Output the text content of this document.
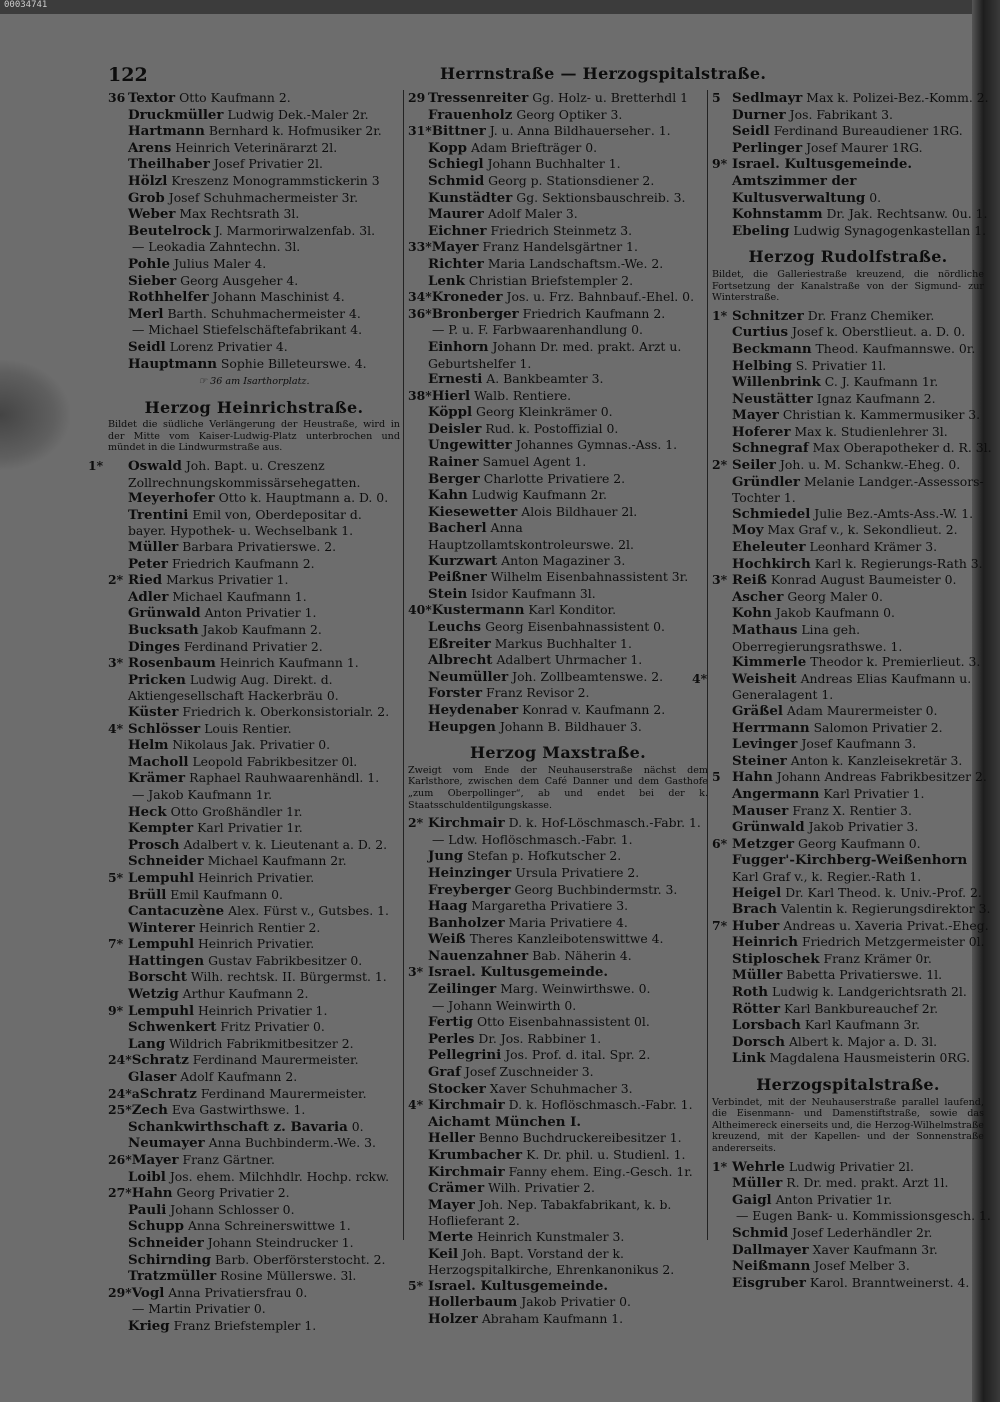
00034741
122	Herrnstraße — Herzogspitalstraße.
36 Textor Otto Kaufmann 2.
Druckmüller Ludwig Dek.-Maler 2r.
Hartmann Bernhard k. Hofmusiker 2r.
Arens Heinrich Veterinärarzt 2l.
Theilhaber Josef Privatier 2l.
Hölzl Kreszenz Monogrammstickerin 3
Grob Josef Schuhmachermeister 3r.
Weber Max Rechtsrath 3l.
Beutelrock J. Marmorirwalzenfab. 3l.
— Leokadia Zahntechn. 3l.
Pohle Julius Maler 4.
Sieber Georg Ausgeher 4.
Rothhelfer Johann Maschinist 4.
Merl Barth. Schuhmachermeister 4.
— Michael Stiefelschäftefabrikant 4.
Seidl Lorenz Privatier 4.
Hauptmann Sophie Billeteurswe. 4.
☞ 36 am Isarthorplatz.
Herzog Heinrichstraße.
Bildet die südliche Verlängerung der Heustraße, wird in der Mitte vom Kaiser-Ludwig-Platz unterbrochen und mündet in die Lindwurmstraße aus.
1* Oswald Joh. Bapt. u. Creszenz Zollrechnungskommissärsehegatten.
Meyerhofer Otto k. Hauptmann a. D. 0.
Trentini Emil von, Oberdepositar d. bayer. Hypothek- u. Wechselbank 1.
Müller Barbara Privatierswe. 2.
Peter Friedrich Kaufmann 2.
2* Ried Markus Privatier 1.
Adler Michael Kaufmann 1.
Grünwald Anton Privatier 1.
Bucksath Jakob Kaufmann 2.
Dinges Ferdinand Privatier 2.
3* Rosenbaum Heinrich Kaufmann 1.
Pricken Ludwig Aug. Direkt. d. Aktiengesellschaft Hackerbräu 0.
Küster Friedrich k. Oberkonsistorialr. 2.
4* Schlösser Louis Rentier.
Helm Nikolaus Jak. Privatier 0.
Macholl Leopold Fabrikbesitzer 0l.
Krämer Raphael Rauhwaarenhändl. 1.
— Jakob Kaufmann 1r.
Heck Otto Großhändler 1r.
Kempter Karl Privatier 1r.
Prosch Adalbert v. k. Lieutenant a. D. 2.
Schneider Michael Kaufmann 2r.
5* Lempuhl Heinrich Privatier.
Brüll Emil Kaufmann 0.
Cantacuzène Alex. Fürst v., Gutsbes. 1.
Winterer Heinrich Rentier 2.
7* Lempuhl Heinrich Privatier.
Hattingen Gustav Fabrikbesitzer 0.
Borscht Wilh. rechtsk. II. Bürgermst. 1.
Wetzig Arthur Kaufmann 2.
9* Lempuhl Heinrich Privatier 1.
Schwenkert Fritz Privatier 0.
Lang Wildrich Fabrikmitbesitzer 2.
24*Schratz Ferdinand Maurermeister.
Glaser Adolf Kaufmann 2.
24*aSchratz Ferdinand Maurermeister.
25*Zech Eva Gastwirthswe. 1.
Schankwirthschaft z. Bavaria 0.
Neumayer Anna Buchbinderm.-We. 3.
26*Mayer Franz Gärtner.
Loibl Jos. ehem. Milchhdlr. Hochp. rckw.
27*Hahn Georg Privatier 2.
Pauli Johann Schlosser 0.
Schupp Anna Schreinerswittwe 1.
Schneider Johann Steindrucker 1.
Schirnding Barb. Oberförsterstocht. 2.
Tratzmüller Rosine Müllerswe. 3l.
29*Vogl Anna Privatiersfrau 0.
— Martin Privatier 0.
Krieg Franz Briefstempler 1.
29 Tressenreiter Gg. Holz- u. Bretterhdl 1
Frauenholz Georg Optiker 3.
31*Bittner J. u. Anna Bildhauersehег. 1.
Kopp Adam Briefträger 0.
Schiegl Johann Buchhalter 1.
Schmid Georg p. Stationsdiener 2.
Kunstädter Gg. Sektionsbauschreib. 3.
Maurer Adolf Maler 3.
Eichner Friedrich Steinmetz 3.
33*Mayer Franz Handelsgärtner 1.
Richter Maria Landschaftsm.-We. 2.
Lenk Christian Briefstempler 2.
34*Kroneder Jos. u. Frz. Bahnbauf.-Ehel. 0.
36*Bronberger Friedrich Kaufmann 2.
— P. u. F. Farbwaarenhandlung 0.
Einhorn Johann Dr. med. prakt. Arzt u. Geburtshelfer 1.
Ernesti A. Bankbeamter 3.
38*Hierl Walb. Rentiere.
Köppl Georg Kleinkrämer 0.
Deisler Rud. k. Postoffizial 0.
Ungewitter Johannes Gymnas.-Ass. 1.
Rainer Samuel Agent 1.
Berger Charlotte Privatiere 2.
Kahn Ludwig Kaufmann 2r.
Kiesewetter Alois Bildhauer 2l.
Bacherl Anna Hauptzollamtskontroleurswe. 2l.
Kurzwart Anton Magaziner 3.
Peißner Wilhelm Eisenbahnassistent 3r.
Stein Isidor Kaufmann 3l.
40*Kustermann Karl Konditor.
Leuchs Georg Eisenbahnassistent 0.
Eßreiter Markus Buchhalter 1.
Albrecht Adalbert Uhrmacher 1.
Neumüller Joh. Zollbeamtenswe. 2.
Forster Franz Revisor 2.
Heydenaber Konrad v. Kaufmann 2.
Heupgen Johann B. Bildhauer 3.
Herzog Maxstraße.
Zweigt vom Ende der Neuhauserstraße nächst dem Karlsthore, zwischen dem Café Danner und dem Gasthofe „zum Oberpollinger“, ab und endet bei der k. Staatsschuldentilgungskasse.
2* Kirchmair D. k. Hof-Löschmasch.-Fabr. 1.
— Ldw. Hoflöschmasch.-Fabr. 1.
Jung Stefan p. Hofkutscher 2.
Heinzinger Ursula Privatiere 2.
Freyberger Georg Buchbindermstr. 3.
Haag Margaretha Privatiere 3.
Banholzer Maria Privatiere 4.
Weiß Theres Kanzleibotenswittwe 4.
Nauenzahner Bab. Näherin 4.
3* Israel. Kultusgemeinde.
Zeilinger Marg. Weinwirthswe. 0.
— Johann Weinwirth 0.
Fertig Otto Eisenbahnassistent 0l.
Perles Dr. Jos. Rabbiner 1.
Pellegrini Jos. Prof. d. ital. Spr. 2.
Graf Josef Zuschneider 3.
Stocker Xaver Schuhmacher 3.
4* Kirchmair D. k. Hoflöschmasch.-Fabr. 1.
Aichamt München I.
Heller Benno Buchdruckereibesitzer 1.
Krumbacher K. Dr. phil. u. Studienl. 1.
Kirchmair Fanny ehem. Eing.-Gesch. 1r.
Crämer Wilh. Privatier 2.
Mayer Joh. Nep. Tabakfabrikant, k. b. Hoflieferant 2.
Merte Heinrich Kunstmaler 3.
Keil Joh. Bapt. Vorstand der k. Herzogspitalkirche, Ehrenkanonikus 2.
5* Israel. Kultusgemeinde.
Hollerbaum Jakob Privatier 0.
Holzer Abraham Kaufmann 1.
5 Sedlmayr Max k. Polizei-Bez.-Komm. 2.
Durner Jos. Fabrikant 3.
Seidl Ferdinand Bureaudiener 1RG.
Perlinger Josef Maurer 1RG.
9* Israel. Kultusgemeinde.
Amtszimmer der Kultusverwaltung 0.
Kohnstamm Dr. Jak. Rechtsanw. 0u. 1.
Ebeling Ludwig Synagogenkastellan 1.
Herzog Rudolfstraße.
Bildet, die Galleriestraße kreuzend, die nördliche Fortsetzung der Kanalstraße von der Sigmund- zur Winterstraße.
1* Schnitzer Dr. Franz Chemiker.
Curtius Josef k. Oberstlieut. a. D. 0.
Beckmann Theod. Kaufmannswe. 0r.
Helbing S. Privatier 1l.
Willenbrink C. J. Kaufmann 1r.
Neustätter Ignaz Kaufmann 2.
Mayer Christian k. Kammermusiker 3.
Hoferer Max k. Studienlehrer 3l.
Schnegraf Max Oberapotheker d. R. 3l.
2* Seiler Joh. u. M. Schankw.-Eheg. 0.
Gründler Melanie Landger.-Assessors-Tochter 1.
Schmiedel Julie Bez.-Amts-Ass.-W. 1.
Moy Max Graf v., k. Sekondlieut. 2.
Eheleuter Leonhard Krämer 3.
Hochkirch Karl k. Regierungs-Rath 3.
3* Reiß Konrad August Baumeister 0.
Ascher Georg Maler 0.
Kohn Jakob Kaufmann 0.
Mathaus Lina geh. Oberregierungsrathswe. 1.
Kimmerle Theodor k. Premierlieut. 3.
4* Weisheit Andreas Elias Kaufmann u. Generalagent 1.
Gräßel Adam Maurermeister 0.
Herrmann Salomon Privatier 2.
Levinger Josef Kaufmann 3.
Steiner Anton k. Kanzleisekretär 3.
5 Hahn Johann Andreas Fabrikbesitzer 2.
Angermann Karl Privatier 1.
Mauser Franz X. Rentier 3.
Grünwald Jakob Privatier 3.
6* Metzger Georg Kaufmann 0.
Fugger'-Kirchberg-Weißenhorn Karl Graf v., k. Regier.-Rath 1.
Heigel Dr. Karl Theod. k. Univ.-Prof. 2.
Brach Valentin k. Regierungsdirektor 3.
7* Huber Andreas u. Xaveria Privat.-Eheg.
Heinrich Friedrich Metzgermeister 0l.
Stiploschek Franz Krämer 0r.
Müller Babetta Privatierswe. 1l.
Roth Ludwig k. Landgerichtsrath 2l.
Rötter Karl Bankbureauchef 2r.
Lorsbach Karl Kaufmann 3r.
Dorsch Albert k. Major a. D. 3l.
Link Magdalena Hausmeisterin 0RG.
Herzogspitalstraße.
Verbindet, mit der Neuhauserstraße parallel laufend, die Eisenmann- und Damenstiftstraße, sowie das Altheimereck einerseits und, die Herzog-Wilhelmstraße kreuzend, mit der Kapellen- und der Sonnenstraße andererseits.
1* Wehrle Ludwig Privatier 2l.
Müller R. Dr. med. prakt. Arzt 1l.
Gaigl Anton Privatier 1r.
— Eugen Bank- u. Kommissionsgesch. 1.
Schmid Josef Lederhändler 2r.
Dallmayer Xaver Kaufmann 3r.
Neißmann Josef Melber 3.
Eisgruber Karol. Branntweinerst. 4.
